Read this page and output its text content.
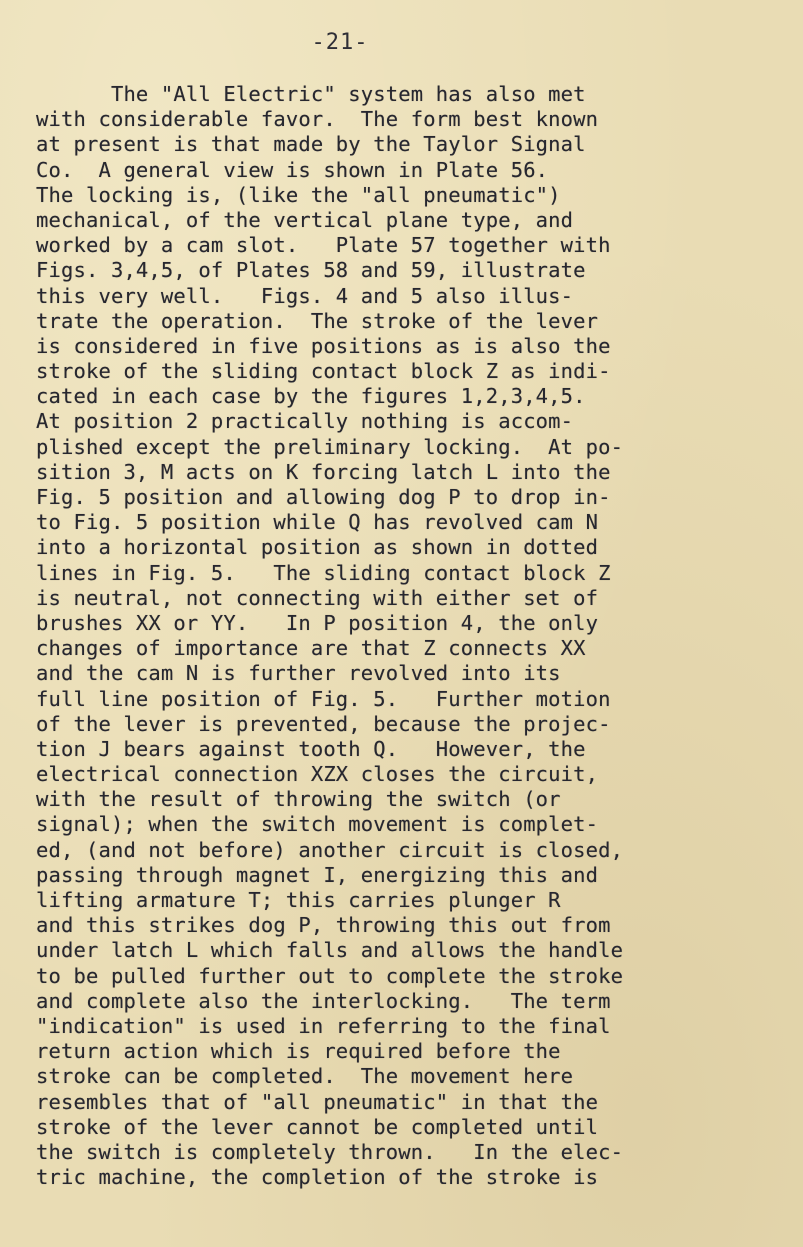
-21-
The "All Electric" system has also met
with considerable favor.  The form best known
at present is that made by the Taylor Signal
Co.  A general view is shown in Plate 56.
The locking is, (like the "all pneumatic")
mechanical, of the vertical plane type, and
worked by a cam slot.   Plate 57 together with
Figs. 3,4,5, of Plates 58 and 59, illustrate
this very well.   Figs. 4 and 5 also illus-
trate the operation.  The stroke of the lever
is considered in five positions as is also the
stroke of the sliding contact block Z as indi-
cated in each case by the figures 1,2,3,4,5.
At position 2 practically nothing is accom-
plished except the preliminary locking.  At po-
sition 3, M acts on K forcing latch L into the
Fig. 5 position and allowing dog P to drop in-
to Fig. 5 position while Q has revolved cam N
into a horizontal position as shown in dotted
lines in Fig. 5.   The sliding contact block Z
is neutral, not connecting with either set of
brushes XX or YY.   In P position 4, the only
changes of importance are that Z connects XX
and the cam N is further revolved into its
full line position of Fig. 5.   Further motion
of the lever is prevented, because the projec-
tion J bears against tooth Q.   However, the
electrical connection XZX closes the circuit,
with the result of throwing the switch (or
signal); when the switch movement is complet-
ed, (and not before) another circuit is closed,
passing through magnet I, energizing this and
lifting armature T; this carries plunger R
and this strikes dog P, throwing this out from
under latch L which falls and allows the handle
to be pulled further out to complete the stroke
and complete also the interlocking.   The term
"indication" is used in referring to the final
return action which is required before the
stroke can be completed.  The movement here
resembles that of "all pneumatic" in that the
stroke of the lever cannot be completed until
the switch is completely thrown.   In the elec-
tric machine, the completion of the stroke is
